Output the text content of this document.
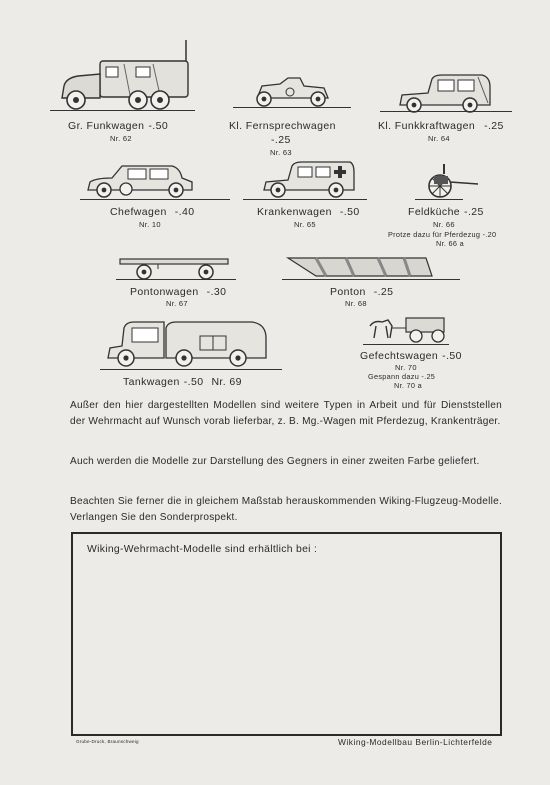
Gr. Funkwagen -.50
Nr. 62
Kl. Fernsprechwagen
-.25
Nr. 63
Kl. Funkkraftwagen -.25
Nr. 64
Chefwagen -.40
Nr. 10
Krankenwagen -.50
Nr. 65
Feldküche -.25
Nr. 66
Protze dazu für Pferdezug -.20
Nr. 66 a
Pontonwagen -.30
Nr. 67
Ponton -.25
Nr. 68
Tankwagen -.50 Nr. 69
Gefechtswagen -.50
Nr. 70
Gespann dazu -.25
Nr. 70 a
Außer den hier dargestellten Modellen sind weitere Typen in Arbeit und für Dienststellen der Wehrmacht auf Wunsch vorab lieferbar, z. B. Mg.-Wagen mit Pferdezug, Krankenträger.
Auch werden die Modelle zur Darstellung des Gegners in einer zweiten Farbe geliefert.
Beachten Sie ferner die in gleichem Maßstab herauskommenden Wiking-Flugzeug-Modelle. Verlangen Sie den Sonderprospekt.
Wiking-Wehrmacht-Modelle sind erhältlich bei :
Grube-Druck, Braunschweig	Wiking-Modellbau Berlin-Lichterfelde
